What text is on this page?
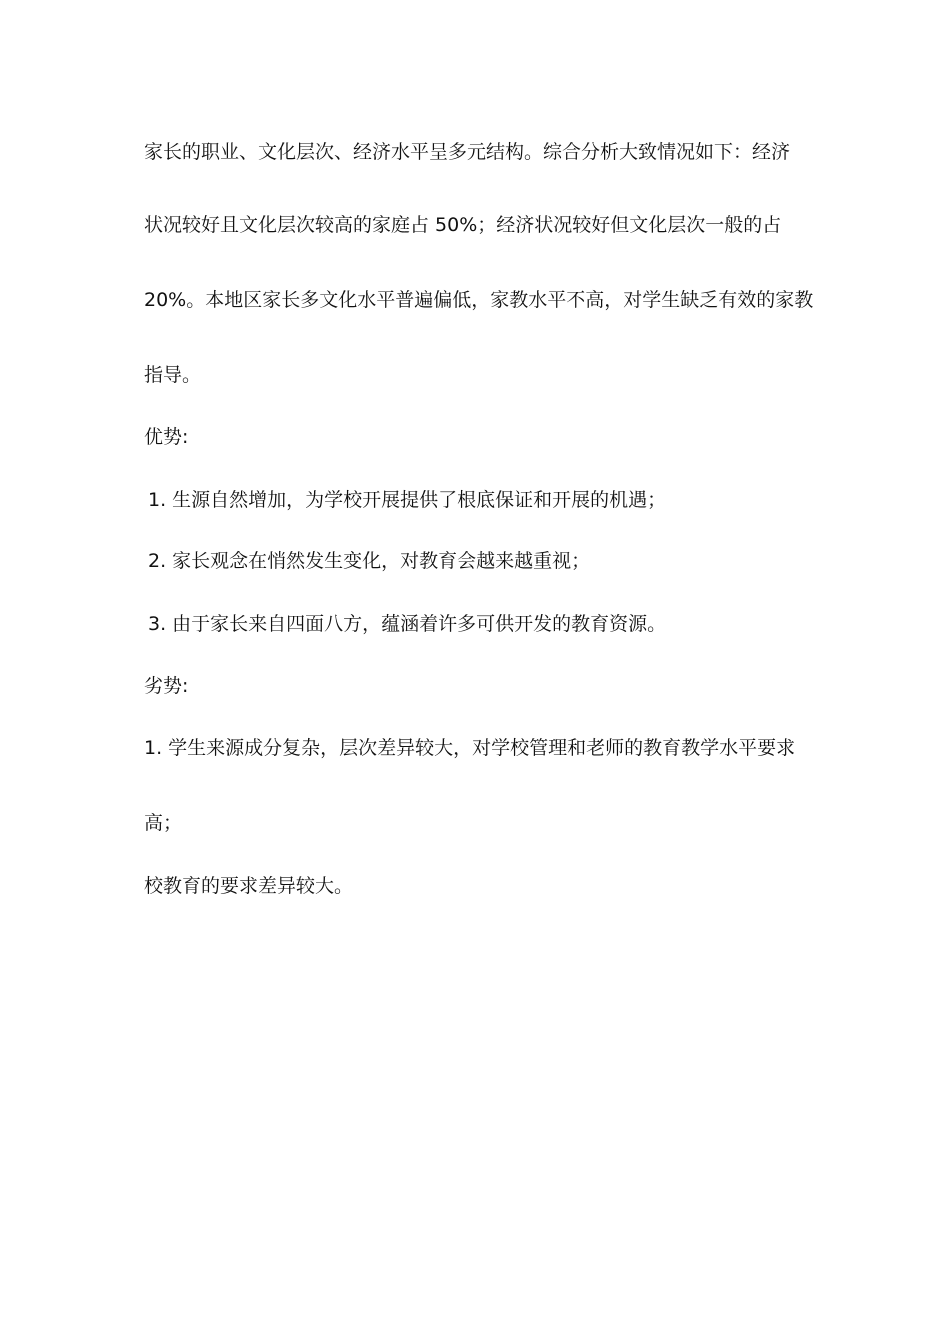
家长的职业、文化层次、经济水平呈多元结构。综合分析大致情况如下：经济
状况较好且文化层次较高的家庭占 50%；经济状况较好但文化层次一般的占
20%。本地区家长多文化水平普遍偏低，家教水平不高，对学生缺乏有效的家教
指导。
优势:
1. 生源自然增加，为学校开展提供了根底保证和开展的机遇；
2. 家长观念在悄然发生变化，对教育会越来越重视；
3. 由于家长来自四面八方，蕴涵着许多可供开发的教育资源。
劣势:
1. 学生来源成分复杂，层次差异较大，对学校管理和老师的教育教学水平要求
高；
校教育的要求差异较大。
